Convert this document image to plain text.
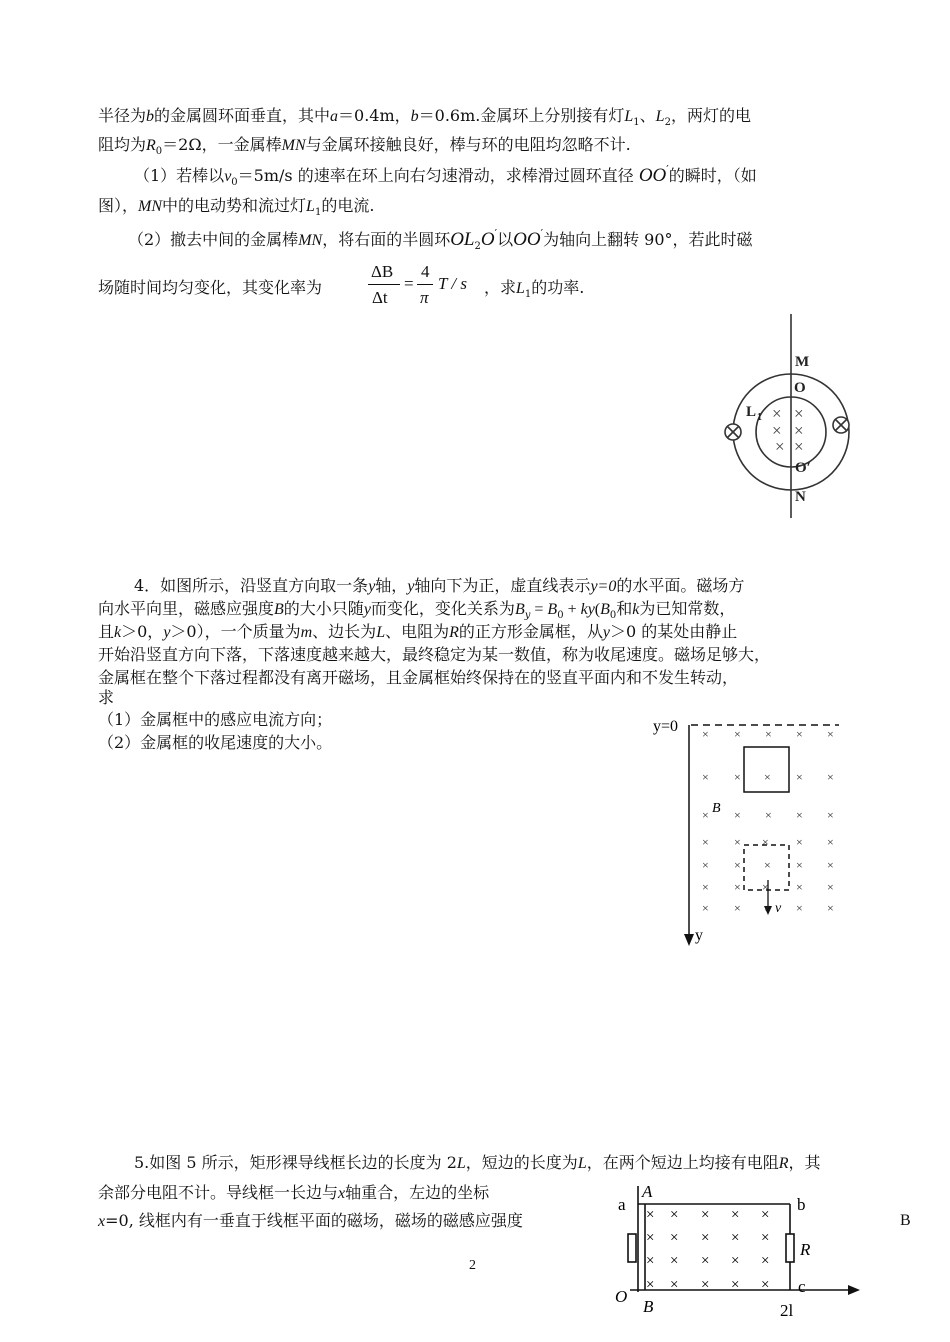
半径为b的金属圆环面垂直，其中a＝0.4m，b＝0.6m.金属环上分别接有灯$L_1$、$L_2$，两灯的电
阻均为$R_0=2\Omega$，一金属棒MN与金属环接触良好，棒与环的电阻均忽略不计.
（1）若棒以$v_0=5m/s$ 的速率在环上向右匀速滑动，求棒滑过圆环直径 OO′的瞬时，（如
图），MN中的电动势和流过灯$L_1$的电流.
（2）撤去中间的金属棒MN，将右面的半圆环$OL_2O'$以OO′为轴向上翻转 90°，若此时磁
场随时间均匀变化，其变化率为
ΔB
Δt
=
4
π
T / s ，求$L_1$的功率.
× ×
× ×
× ×
M
O
L 1
O′
N
4．如图所示，沿竖直方向取一条y轴，y轴向下为正，虚直线表示y=0的水平面。磁场方
向水平向里，磁感应强度B的大小只随y而变化，变化关系为$B_y = B_0 + ky(B_0$和k为已知常数，
且k＞0，y＞0），一个质量为m、边长为L、电阻为R的正方形金属框，从y＞0 的某处由静止
开始沿竖直方向下落，下落速度越来越大，最终稳定为某一数值，称为收尾速度。磁场足够大，
金属框在整个下落过程都没有离开磁场，且金属框始终保持在的竖直平面内和不发生转动，
求
（1）金属框中的感应电流方向；
（2）金属框的收尾速度的大小。
y=0
y
v
B
× × × × ×
× × × × ×
× × × × ×
× × × × ×
× × × × ×
× × × × ×
× × × × ×
5.如图 5 所示，矩形裸导线框长边的长度为 2L，短边的长度为L，在两个短边上均接有电阻R，其
余部分电阻不计。导线框一长边与x轴重合，左边的坐标
x=0, 线框内有一垂直于线框平面的磁场，磁场的磁感应强度	B
× × × × ×
× × × × ×
× × × × ×
× × × × ×
A
a	b
R
O
B
c
2l
2
